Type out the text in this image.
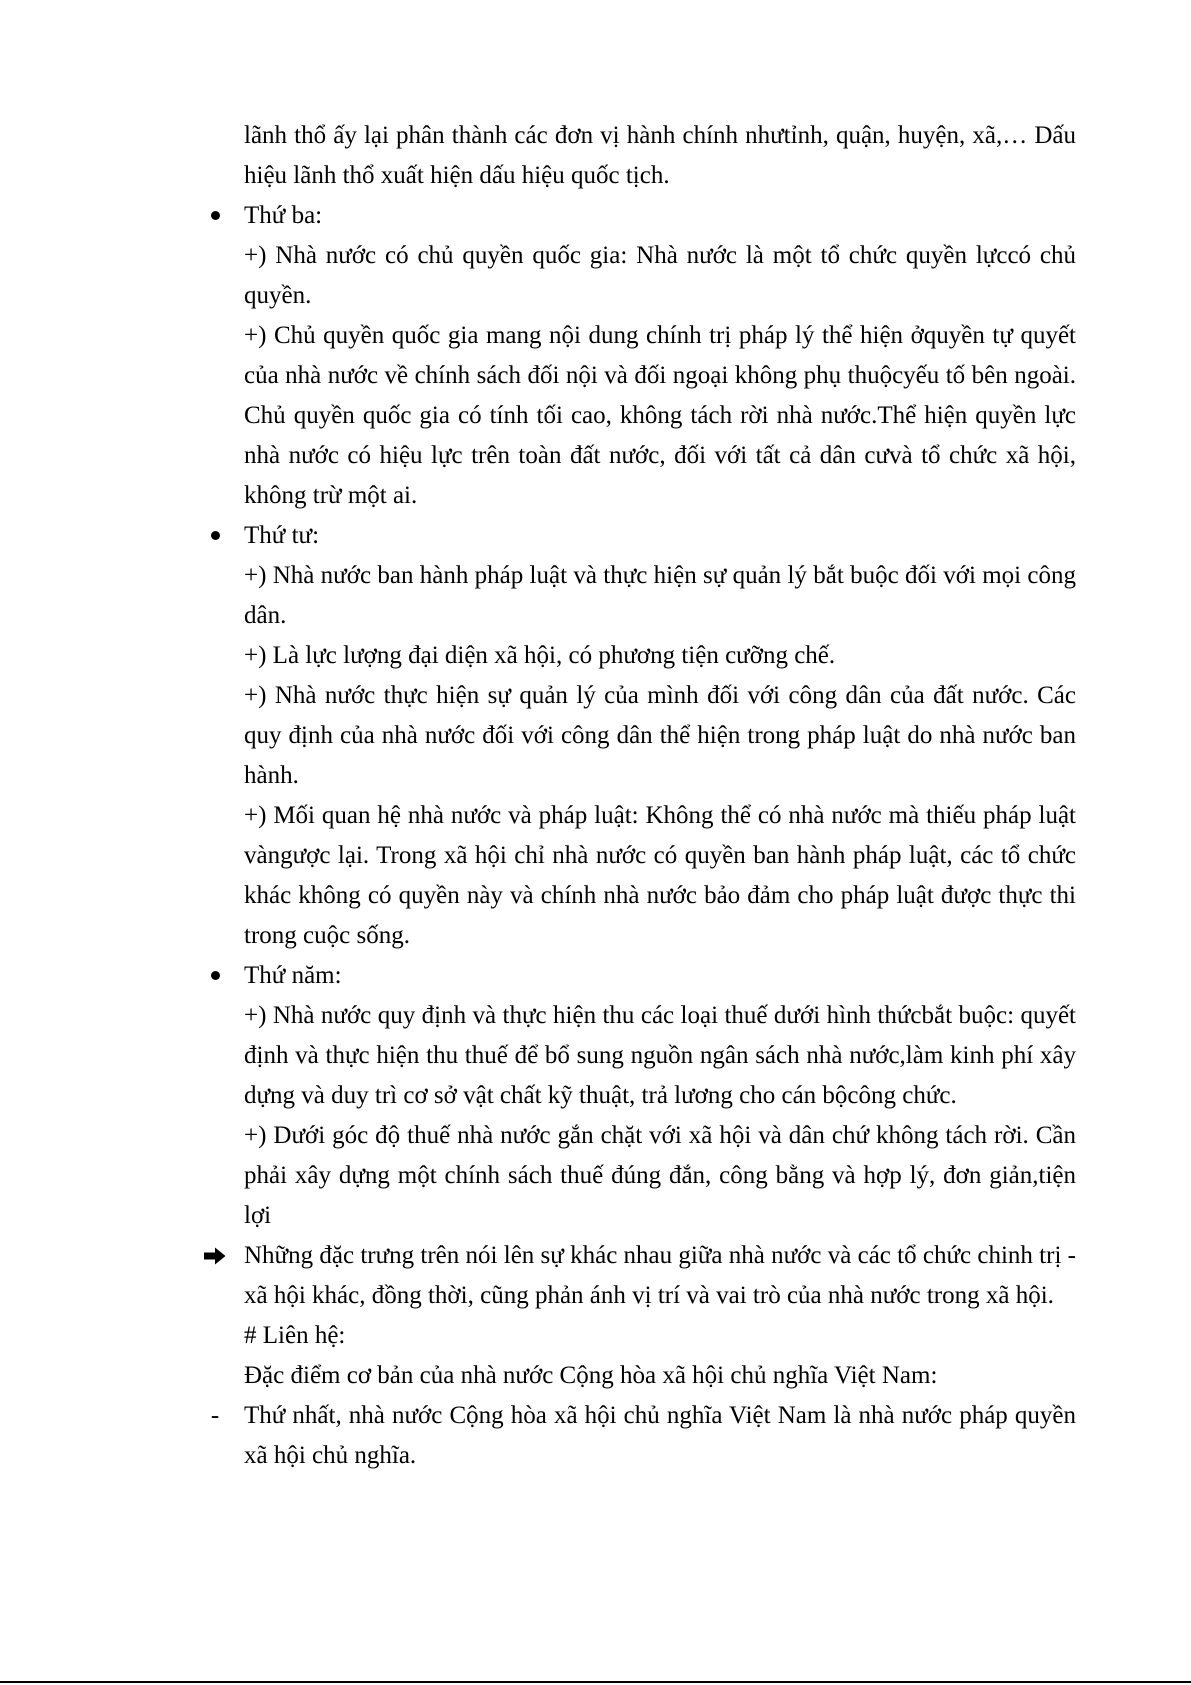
lãnh thổ ấy lại phân thành các đơn vị hành chính nhưtỉnh, quận, huyện, xã,… Dấu hiệu lãnh thổ xuất hiện dấu hiệu quốc tịch.

Thứ ba:

+) Nhà nước có chủ quyền quốc gia: Nhà nước là một tổ chức quyền lựccó chủ quyền.

+) Chủ quyền quốc gia mang nội dung chính trị pháp lý thể hiện ởquyền tự quyết của nhà nước về chính sách đối nội và đối ngoại không phụ thuộcyếu tố bên ngoài. Chủ quyền quốc gia có tính tối cao, không tách rời nhà nước.Thể hiện quyền lực nhà nước có hiệu lực trên toàn đất nước, đối với tất cả dân cưvà tổ chức xã hội, không trừ một ai.

Thứ tư:

+) Nhà nước ban hành pháp luật và thực hiện sự quản lý bắt buộc đối với mọi công dân.

+) Là lực lượng đại diện xã hội, có phương tiện cưỡng chế.

+) Nhà nước thực hiện sự quản lý của mình đối với công dân của đất nước. Các quy định của nhà nước đối với công dân thể hiện trong pháp luật do nhà nước ban hành.

+) Mối quan hệ nhà nước và pháp luật: Không thể có nhà nước mà thiếu pháp luật vàngược lại. Trong xã hội chỉ nhà nước có quyền ban hành pháp luật, các tổ chức khác không có quyền này và chính nhà nước bảo đảm cho pháp luật được thực thi trong cuộc sống.

Thứ năm:

+) Nhà nước quy định và thực hiện thu các loại thuế dưới hình thứcbắt buộc: quyết định và thực hiện thu thuế để bổ sung nguồn ngân sách nhà nước,làm kinh phí xây dựng và duy trì cơ sở vật chất kỹ thuật, trả lương cho cán bộcông chức.

+) Dưới góc độ thuế nhà nước gắn chặt với xã hội và dân chứ không tách rời. Cần phải xây dựng một chính sách thuế đúng đắn, công bằng và hợp lý, đơn giản,tiện lợi

Những đặc trưng trên nói lên sự khác nhau giữa nhà nước và các tổ chức chinh trị -xã hội khác, đồng thời, cũng phản ánh vị trí và vai trò của nhà nước trong xã hội.

# Liên hệ:

Đặc điểm cơ bản của nhà nước Cộng hòa xã hội chủ nghĩa Việt Nam:

- Thứ nhất, nhà nước Cộng hòa xã hội chủ nghĩa Việt Nam là nhà nước pháp quyền xã hội chủ nghĩa.
